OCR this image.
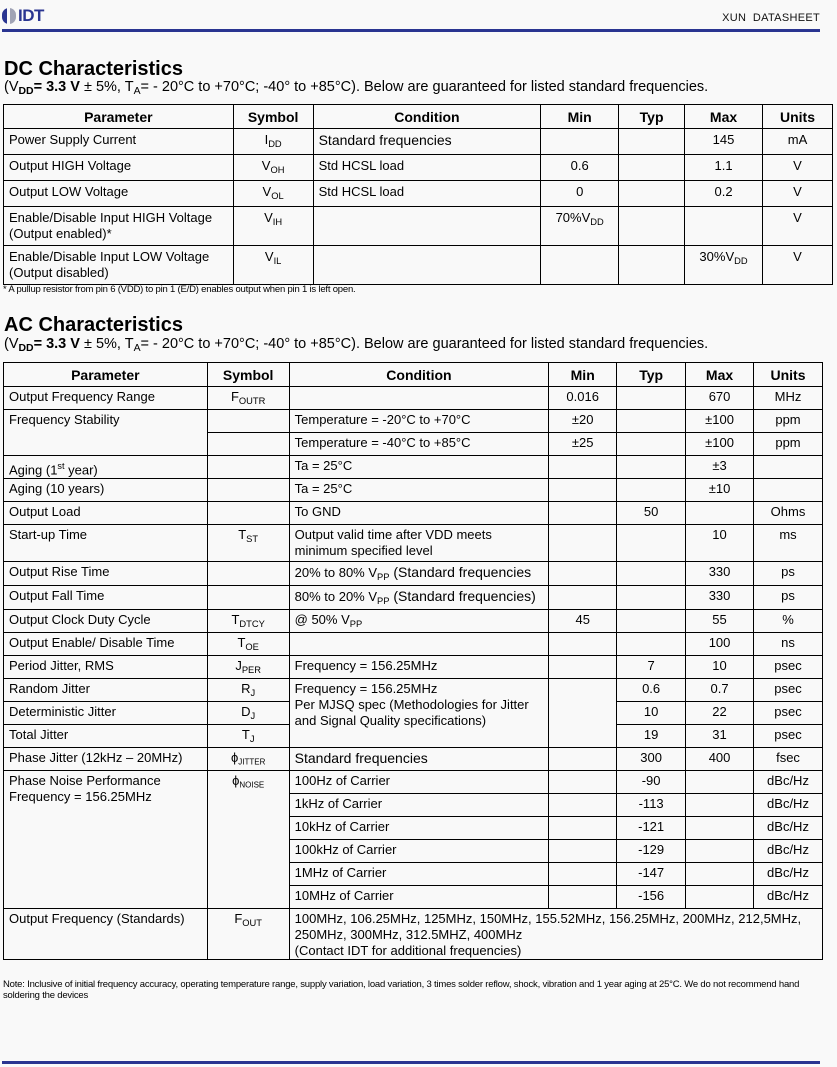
IDT	XUN  DATASHEET
DC Characteristics
($V_{DD}= 3.3$ V ± 5%, $T_A= - 20^\circ C$ to +70°C; -40° to +85°C). Below are guaranteed for listed standard frequencies.
Parameter	Symbol	Condition	Min	Typ	Max	Units
Power Supply Current	$I_{DD}$	Standard frequencies			145	mA
Output HIGH Voltage	$V_{OH}$	Std HCSL load	0.6		1.1	V
Output LOW Voltage	$V_{OL}$	Std HCSL load	0		0.2	V
Enable/Disable Input HIGH Voltage
(Output enabled)*	$V_{IH}$		$70\%V_{DD}$			V
Enable/Disable Input LOW Voltage
(Output disabled)	$V_{IL}$				$30\%V_{DD}$	V
* A pullup resistor from pin 6 (VDD) to pin 1 (E/D) enables output when pin 1 is left open.
AC Characteristics
($V_{DD}= 3.3$ V ± 5%, $T_A= - 20^\circ C$ to +70°C; -40° to +85°C). Below are guaranteed for listed standard frequencies.
Parameter	Symbol	Condition	Min	Typ	Max	Units
Output Frequency Range	$F_{OUTR}$		0.016		670	MHz
Frequency Stability		Temperature = -20°C to +70°C	±20		±100	ppm
		Temperature = -40°C to +85°C	±25		±100	ppm
Aging (1st year)		Ta = 25°C			±3	
Aging (10 years)		Ta = 25°C			±10	
Output Load		To GND		50		Ohms
Start-up Time	$T_{ST}$	Output valid time after VDD meets
minimum specified level			10	ms
Output Rise Time		20% to 80% $V_{PP}$ (Standard frequencies			330	ps
Output Fall Time		80% to 20% $V_{PP}$ (Standard frequencies)			330	ps
Output Clock Duty Cycle	$T_{DTCY}$	@ 50% $V_{PP}$	45		55	%
Output Enable/ Disable Time	$T_{OE}$				100	ns
Period Jitter, RMS	$J_{PER}$	Frequency = 156.25MHz		7	10	psec
Random Jitter	$R_J$	Frequency = 156.25MHz
Per MJSQ spec (Methodologies for Jitter
and Signal Quality specifications)		0.6	0.7	psec
Deterministic Jitter	$D_J$			10	22	psec
Total Jitter	$T_J$			19	31	psec
Phase Jitter (12kHz – 20MHz)	$\phi_{JITTER}$	Standard frequencies		300	400	fsec
Phase Noise Performance
Frequency = 156.25MHz	$\phi_{NOISE}$	100Hz of Carrier		-90		dBc/Hz
		1kHz of Carrier		-113		dBc/Hz
		10kHz of Carrier		-121		dBc/Hz
		100kHz of Carrier		-129		dBc/Hz
		1MHz of Carrier		-147		dBc/Hz
		10MHz of Carrier		-156		dBc/Hz
Output Frequency (Standards)	$F_{OUT}$	100MHz, 106.25MHz, 125MHz, 150MHz, 155.52MHz, 156.25MHz, 200MHz, 212,5MHz,
250MHz, 300MHz, 312.5MHZ, 400MHz
(Contact IDT for additional frequencies)				
Note: Inclusive of initial frequency accuracy, operating temperature range, supply variation, load variation, 3 times solder reflow, shock, vibration and 1 year aging at 25°C. We do not recommend hand soldering the devices
